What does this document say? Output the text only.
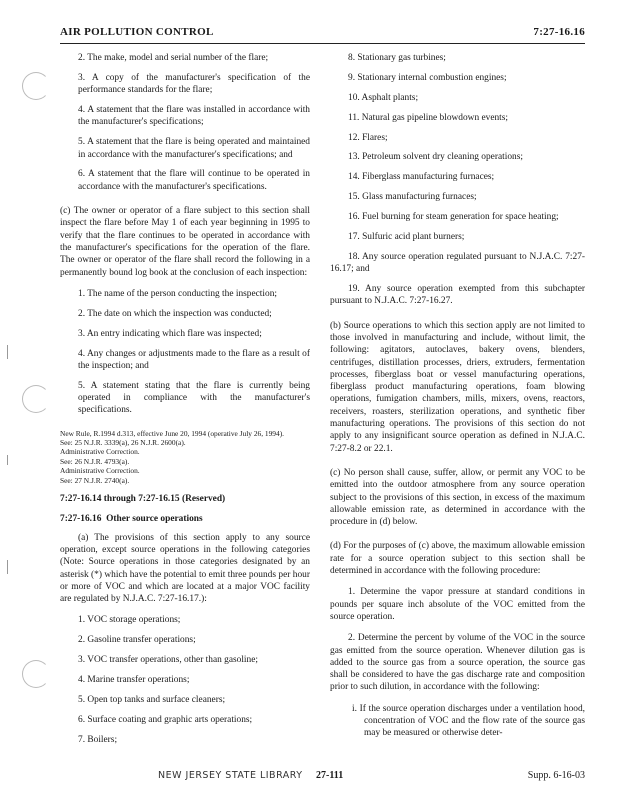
AIR POLLUTION CONTROL	7:27-16.16

2. The make, model and serial number of the flare;

3. A copy of the manufacturer's specification of the performance standards for the flare;

4. A statement that the flare was installed in accordance with the manufacturer's specifications;

5. A statement that the flare is being operated and maintained in accordance with the manufacturer's specifications; and

6. A statement that the flare will continue to be operated in accordance with the manufacturer's specifications.

(c) The owner or operator of a flare subject to this section shall inspect the flare before May 1 of each year beginning in 1995 to verify that the flare continues to be operated in accordance with the manufacturer's specifications for the operation of the flare. The owner or operator of the flare shall record the following in a permanently bound log book at the conclusion of each inspection:

1. The name of the person conducting the inspection;

2. The date on which the inspection was conducted;

3. An entry indicating which flare was inspected;

4. Any changes or adjustments made to the flare as a result of the inspection; and

5. A statement stating that the flare is currently being operated in compliance with the manufacturer's specifications.

New Rule, R.1994 d.313, effective June 20, 1994 (operative July 26, 1994).
See: 25 N.J.R. 3339(a), 26 N.J.R. 2600(a).
Administrative Correction.
See: 26 N.J.R. 4793(a).
Administrative Correction.
See: 27 N.J.R. 2740(a).

7:27-16.14 through 7:27-16.15 (Reserved)

7:27-16.16 Other source operations

(a) The provisions of this section apply to any source operation, except source operations in the following categories (Note: Source operations in those categories designated by an asterisk (*) which have the potential to emit three pounds per hour or more of VOC and which are located at a major VOC facility are regulated by N.J.A.C. 7:27-16.17.):

1. VOC storage operations;

2. Gasoline transfer operations;

3. VOC transfer operations, other than gasoline;

4. Marine transfer operations;

5. Open top tanks and surface cleaners;

6. Surface coating and graphic arts operations;

7. Boilers;

8. Stationary gas turbines;

9. Stationary internal combustion engines;

10. Asphalt plants;

11. Natural gas pipeline blowdown events;

12. Flares;

13. Petroleum solvent dry cleaning operations;

14. Fiberglass manufacturing furnaces;

15. Glass manufacturing furnaces;

16. Fuel burning for steam generation for space heating;

17. Sulfuric acid plant burners;

18. Any source operation regulated pursuant to N.J.A.C. 7:27-16.17; and

19. Any source operation exempted from this subchapter pursuant to N.J.A.C. 7:27-16.27.

(b) Source operations to which this section apply are not limited to those involved in manufacturing and include, without limit, the following: agitators, autoclaves, bakery ovens, blenders, centrifuges, distillation processes, driers, extruders, fermentation processes, fiberglass boat or vessel manufacturing operations, fiberglass product manufacturing operations, foam blowing operations, fumigation chambers, mills, mixers, ovens, reactors, receivers, roasters, sterilization operations, and synthetic fiber manufacturing operations. The provisions of this section do not apply to any insignificant source operation as defined in N.J.A.C. 7:27-8.2 or 22.1.

(c) No person shall cause, suffer, allow, or permit any VOC to be emitted into the outdoor atmosphere from any source operation subject to the provisions of this section, in excess of the maximum allowable emission rate, as determined in accordance with the procedure in (d) below.

(d) For the purposes of (c) above, the maximum allowable emission rate for a source operation subject to this section shall be determined in accordance with the following procedure:

1. Determine the vapor pressure at standard conditions in pounds per square inch absolute of the VOC emitted from the source operation.

2. Determine the percent by volume of the VOC in the source gas emitted from the source operation. Whenever dilution gas is added to the source gas from a source operation, the source gas shall be considered to have the gas discharge rate and composition prior to such dilution, in accordance with the following:

i. If the source operation discharges under a ventilation hood, concentration of VOC and the flow rate of the source gas may be measured or otherwise deter-

NEW JERSEY STATE LIBRARY 27-111	Supp. 6-16-03
